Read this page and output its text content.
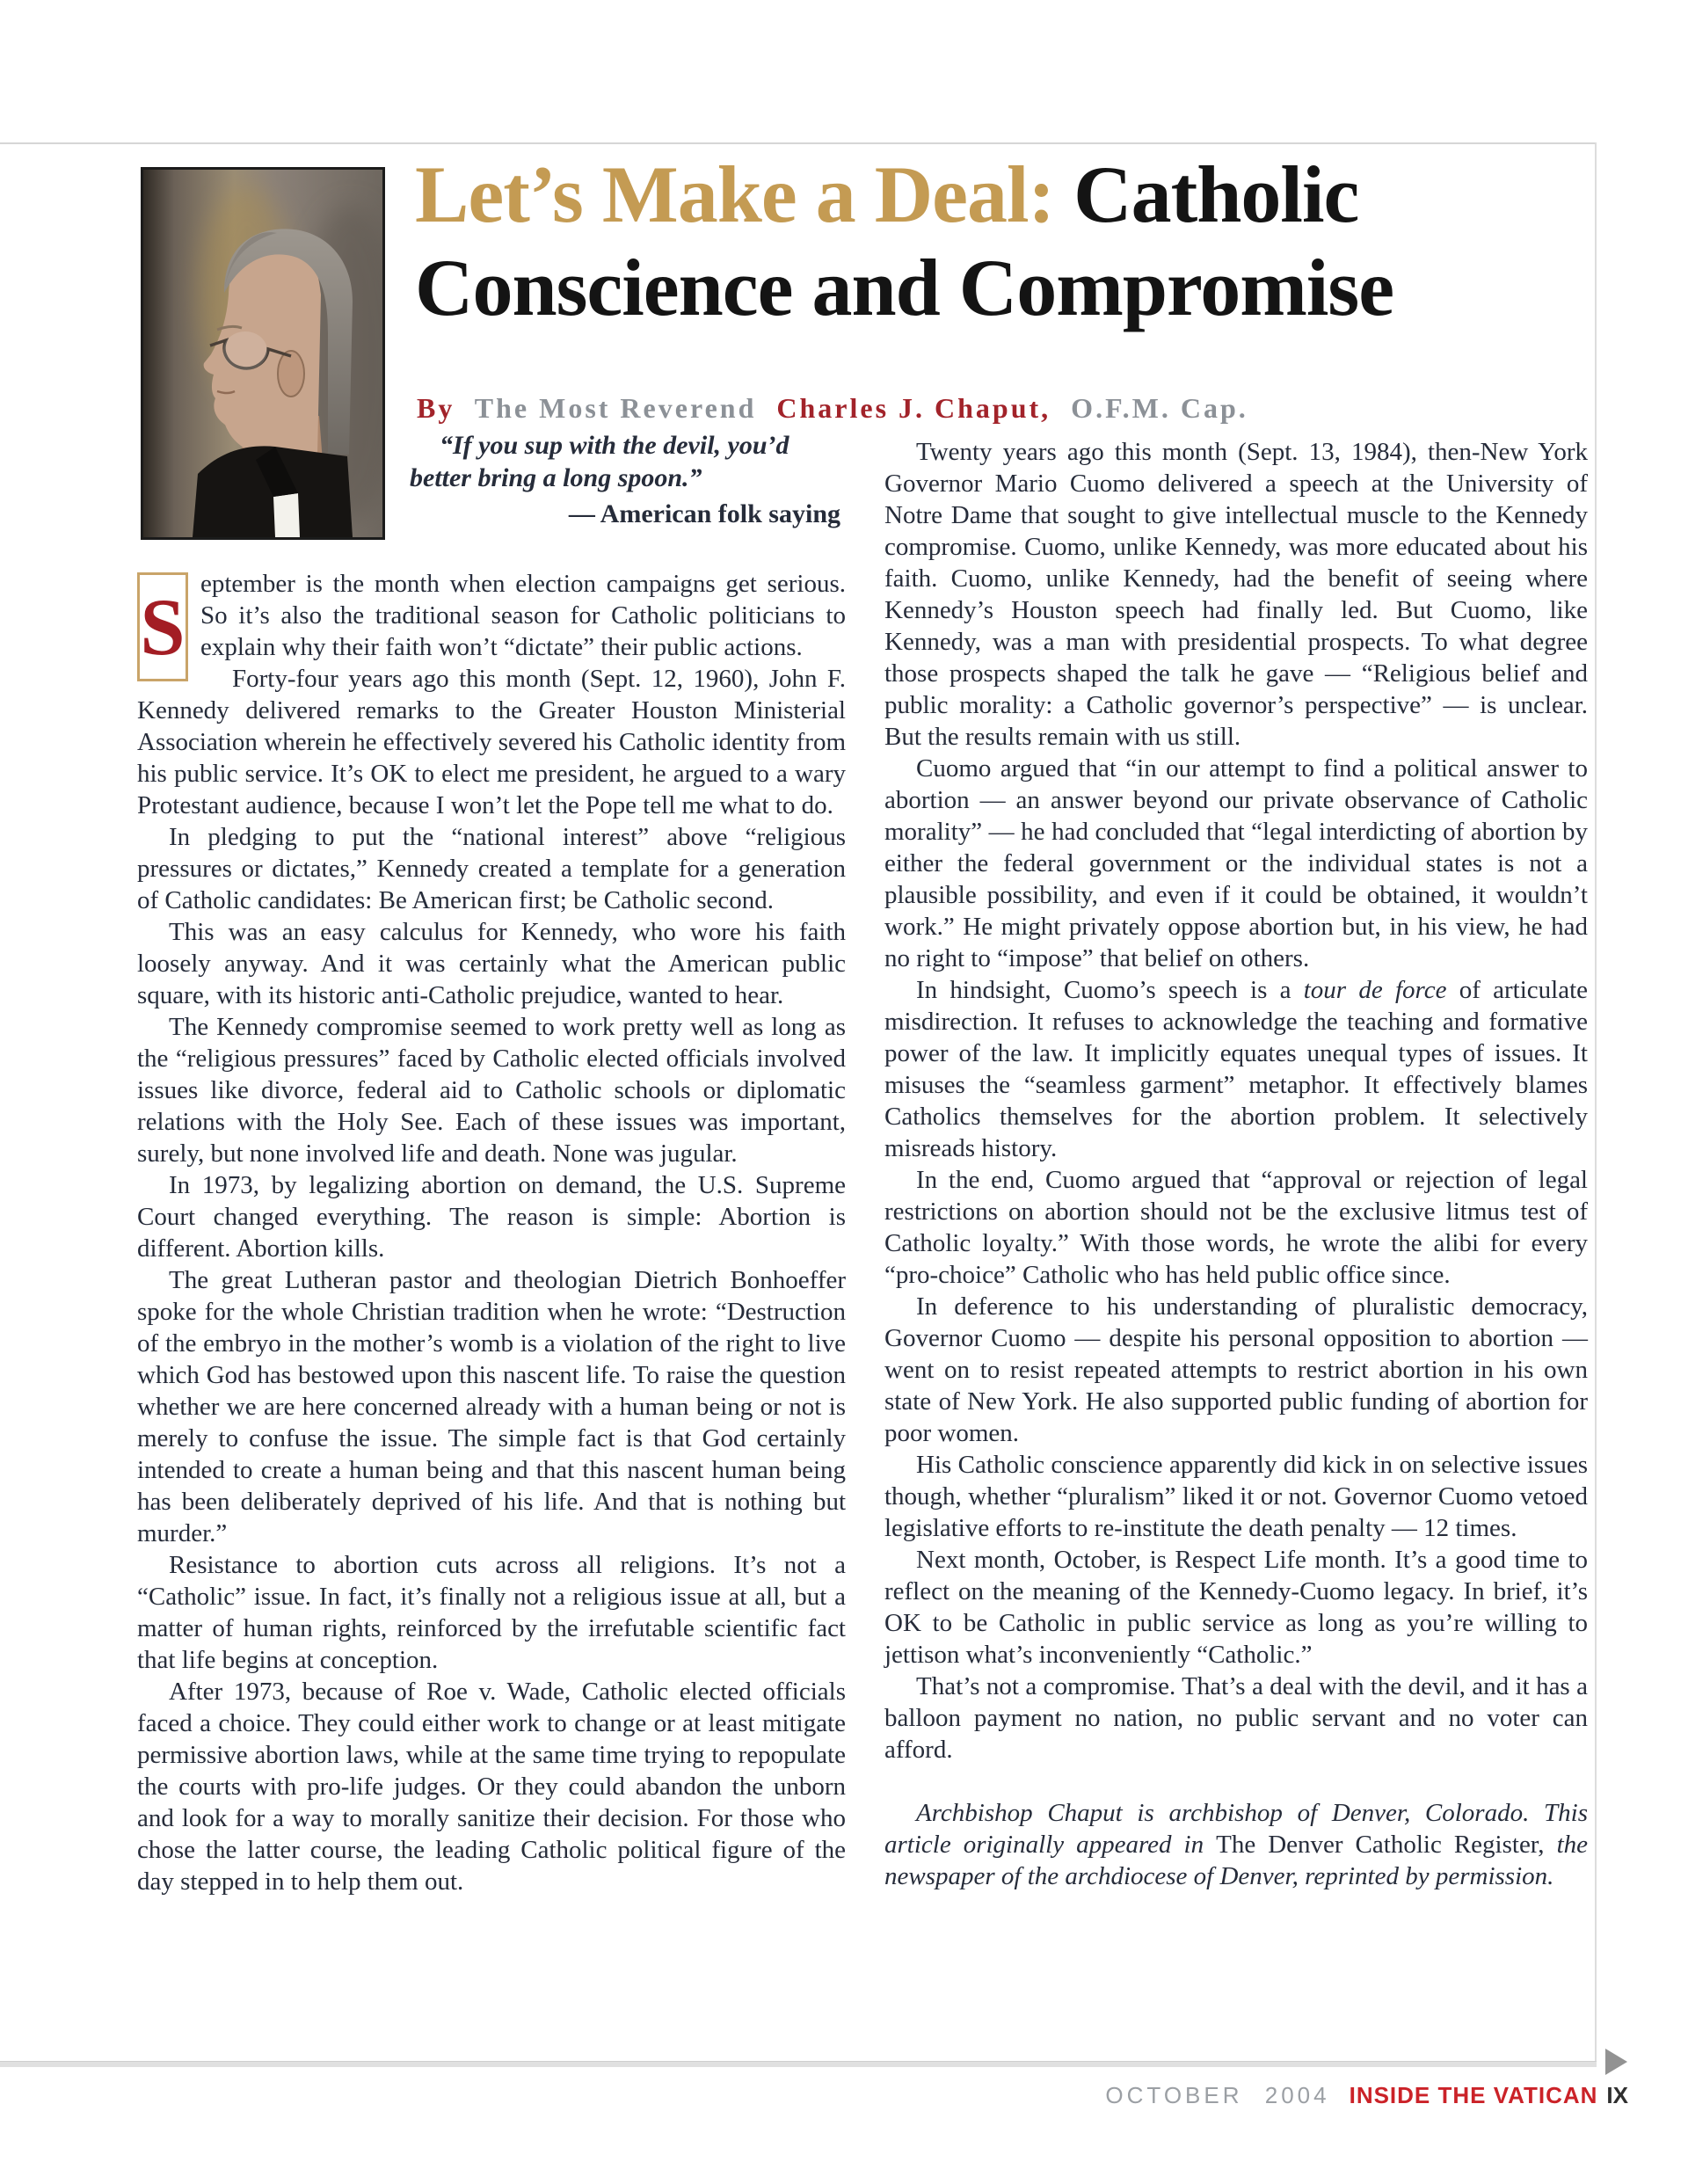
Let’s Make a Deal: Catholic
Conscience and Compromise
By The Most Reverend Charles J. Chaput, O.F.M. Cap.
“If you sup with the devil, you’d
better bring a long spoon.”
— American folk saying

S eptember is the month when election campaigns get serious. So it’s also the traditional season for Catholic politicians to explain why their faith won’t “dictate” their public actions.

Forty-four years ago this month (Sept. 12, 1960), John F. Kennedy delivered remarks to the Greater Houston Ministerial Association wherein he effectively severed his Catholic identity from his public service. It’s OK to elect me president, he argued to a wary Protestant audience, because I won’t let the Pope tell me what to do.

In pledging to put the “national interest” above “religious pressures or dictates,” Kennedy created a template for a generation of Catholic candidates: Be American first; be Catholic second.

This was an easy calculus for Kennedy, who wore his faith loosely anyway. And it was certainly what the American public square, with its historic anti-Catholic prejudice, wanted to hear.

The Kennedy compromise seemed to work pretty well as long as the “religious pressures” faced by Catholic elected officials involved issues like divorce, federal aid to Catholic schools or diplomatic relations with the Holy See. Each of these issues was important, surely, but none involved life and death. None was jugular.

In 1973, by legalizing abortion on demand, the U.S. Supreme Court changed everything. The reason is simple: Abortion is different. Abortion kills.

The great Lutheran pastor and theologian Dietrich Bonhoeffer spoke for the whole Christian tradition when he wrote: “Destruction of the embryo in the mother’s womb is a violation of the right to live which God has bestowed upon this nascent life. To raise the question whether we are here concerned already with a human being or not is merely to confuse the issue. The simple fact is that God certainly intended to create a human being and that this nascent human being has been deliberately deprived of his life. And that is nothing but murder.”

Resistance to abortion cuts across all religions. It’s not a “Catholic” issue. In fact, it’s finally not a religious issue at all, but a matter of human rights, reinforced by the irrefutable scientific fact that life begins at conception.

After 1973, because of Roe v. Wade, Catholic elected officials faced a choice. They could either work to change or at least mitigate permissive abortion laws, while at the same time trying to repopulate the courts with pro-life judges. Or they could abandon the unborn and look for a way to morally sanitize their decision. For those who chose the latter course, the leading Catholic political figure of the day stepped in to help them out.

Twenty years ago this month (Sept. 13, 1984), then-New York Governor Mario Cuomo delivered a speech at the University of Notre Dame that sought to give intellectual muscle to the Kennedy compromise. Cuomo, unlike Kennedy, was more educated about his faith. Cuomo, unlike Kennedy, had the benefit of seeing where Kennedy’s Houston speech had finally led. But Cuomo, like Kennedy, was a man with presidential prospects. To what degree those prospects shaped the talk he gave — “Religious belief and public morality: a Catholic governor’s perspective” — is unclear. But the results remain with us still.

Cuomo argued that “in our attempt to find a political answer to abortion — an answer beyond our private observance of Catholic morality” — he had concluded that “legal interdicting of abortion by either the federal government or the individual states is not a plausible possibility, and even if it could be obtained, it wouldn’t work.” He might privately oppose abortion but, in his view, he had no right to “impose” that belief on others.

In hindsight, Cuomo’s speech is a tour de force of articulate misdirection. It refuses to acknowledge the teaching and formative power of the law. It implicitly equates unequal types of issues. It misuses the “seamless garment” metaphor. It effectively blames Catholics themselves for the abortion problem. It selectively misreads history.

In the end, Cuomo argued that “approval or rejection of legal restrictions on abortion should not be the exclusive litmus test of Catholic loyalty.” With those words, he wrote the alibi for every “pro-choice” Catholic who has held public office since.

In deference to his understanding of pluralistic democracy, Governor Cuomo — despite his personal opposition to abortion — went on to resist repeated attempts to restrict abortion in his own state of New York. He also supported public funding of abortion for poor women.

His Catholic conscience apparently did kick in on selective issues though, whether “pluralism” liked it or not. Governor Cuomo vetoed legislative efforts to re-institute the death penalty — 12 times.

Next month, October, is Respect Life month. It’s a good time to reflect on the meaning of the Kennedy-Cuomo legacy. In brief, it’s OK to be Catholic in public service as long as you’re willing to jettison what’s inconveniently “Catholic.”

That’s not a compromise. That’s a deal with the devil, and it has a balloon payment no nation, no public servant and no voter can afford.

Archbishop Chaput is archbishop of Denver, Colorado. This article originally appeared in The Denver Catholic Register, the newspaper of the archdiocese of Denver, reprinted by permission.

OCTOBER 2004 INSIDE THE VATICAN IX
